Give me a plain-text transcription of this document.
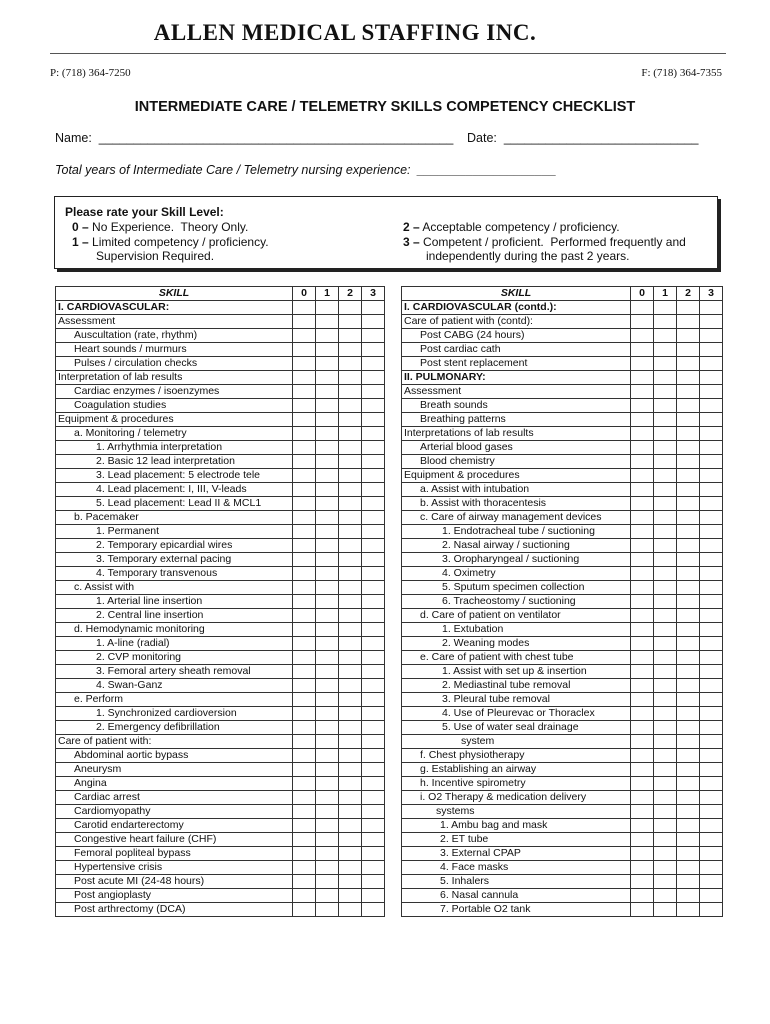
ALLEN MEDICAL STAFFING INC.
P: (718) 364-7250	F: (718) 364-7355
INTERMEDIATE CARE / TELEMETRY SKILLS COMPETENCY CHECKLIST
Name:  ___________________________________________________ Date:  ____________________________
Total years of Intermediate Care / Telemetry nursing experience:  ____________________
Please rate your Skill Level:
0 – No Experience.  Theory Only.
1 – Limited competency / proficiency.
Supervision Required.
2 – Acceptable competency / proficiency.
3 – Competent / proficient.  Performed frequently and
independently during the past 2 years.
SKILL	0	1	2	3
I. CARDIOVASCULAR:				
Assessment				
Auscultation (rate, rhythm)				
Heart sounds / murmurs				
Pulses / circulation checks				
Interpretation of lab results				
Cardiac enzymes / isoenzymes				
Coagulation studies				
Equipment & procedures				
a. Monitoring / telemetry				
1. Arrhythmia interpretation				
2. Basic 12 lead interpretation				
3. Lead placement: 5 electrode tele				
4. Lead placement: I, III, V-leads				
5. Lead placement: Lead II & MCL1				
b. Pacemaker				
1. Permanent				
2. Temporary epicardial wires				
3. Temporary external pacing				
4. Temporary transvenous				
c. Assist with				
1. Arterial line insertion				
2. Central line insertion				
d. Hemodynamic monitoring				
1. A-line (radial)				
2. CVP monitoring				
3. Femoral artery sheath removal				
4. Swan-Ganz				
e. Perform				
1. Synchronized cardioversion				
2. Emergency defibrillation				
Care of patient with:				
Abdominal aortic bypass				
Aneurysm				
Angina				
Cardiac arrest				
Cardiomyopathy				
Carotid endarterectomy				
Congestive heart failure (CHF)				
Femoral popliteal bypass				
Hypertensive crisis				
Post acute MI (24-48 hours)				
Post angioplasty				
Post arthrectomy (DCA)				
SKILL	0	1	2	3
I. CARDIOVASCULAR (contd.):				
Care of patient with (contd):				
Post CABG (24 hours)				
Post cardiac cath				
Post stent replacement				
II. PULMONARY:				
Assessment				
Breath sounds				
Breathing patterns				
Interpretations of lab results				
Arterial blood gases				
Blood chemistry				
Equipment & procedures				
a. Assist with intubation				
b. Assist with thoracentesis				
c. Care of airway management devices				
1. Endotracheal tube / suctioning				
2. Nasal airway / suctioning				
3. Oropharyngeal / suctioning				
4. Oximetry				
5. Sputum specimen collection				
6. Tracheostomy / suctioning				
d. Care of patient on ventilator				
1. Extubation				
2. Weaning modes				
e. Care of patient with chest tube				
1. Assist with set up & insertion				
2. Mediastinal tube removal				
3. Pleural tube removal				
4. Use of Pleurevac or Thoraclex				
5. Use of water seal drainage				
system				
f. Chest physiotherapy				
g. Establishing an airway				
h. Incentive spirometry				
i. O2 Therapy & medication delivery				
systems				
1. Ambu bag and mask				
2. ET tube				
3. External CPAP				
4. Face masks				
5. Inhalers				
6. Nasal cannula				
7. Portable O2 tank				
